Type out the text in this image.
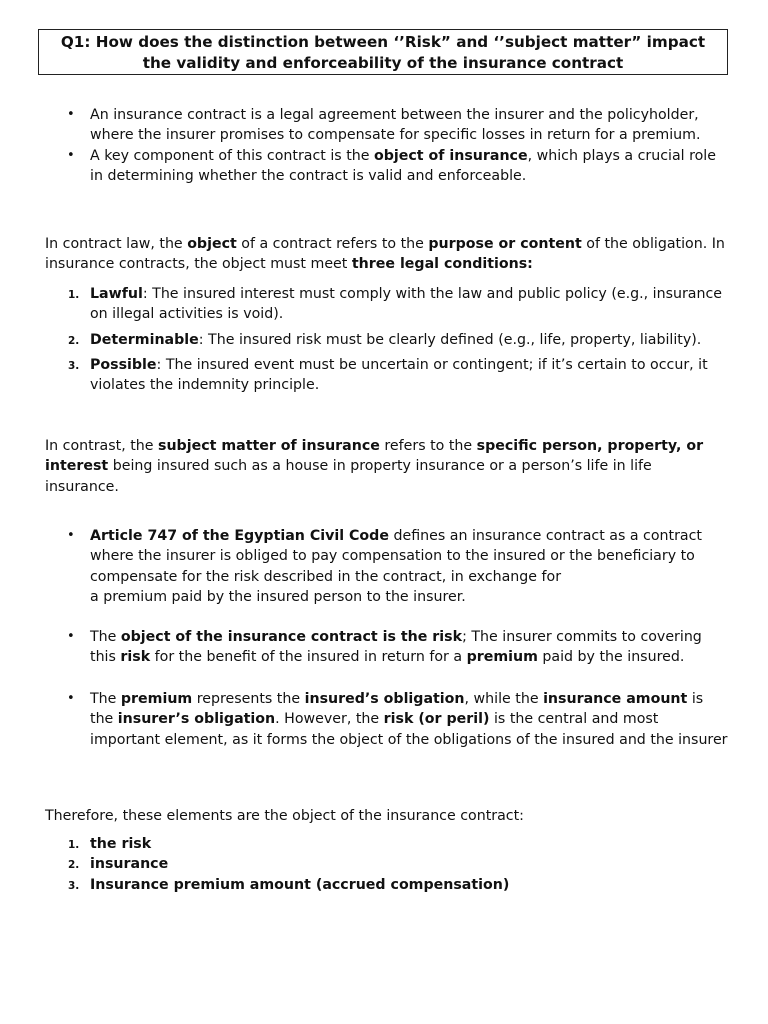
Q1: How does the distinction between ‘’Risk” and ‘’subject matter” impact
the validity and enforceability of the insurance contract
• An insurance contract is a legal agreement between the insurer and the policyholder, where the insurer promises to compensate for specific losses in return for a premium.
• A key component of this contract is the object of insurance, which plays a crucial role in determining whether the contract is valid and enforceable.

In contract law, the object of a contract refers to the purpose or content of the obligation. In insurance contracts, the object must meet three legal conditions:

1. Lawful: The insured interest must comply with the law and public policy (e.g., insurance on illegal activities is void).
2. Determinable: The insured risk must be clearly defined (e.g., life, property, liability).
3. Possible: The insured event must be uncertain or contingent; if it’s certain to occur, it violates the indemnity principle.

In contrast, the subject matter of insurance refers to the specific person, property, or interest being insured such as a house in property insurance or a person’s life in life insurance.

• Article 747 of the Egyptian Civil Code defines an insurance contract as a contract where the insurer is obliged to pay compensation to the insured or the beneficiary to compensate for the risk described in the contract, in exchange for
a premium paid by the insured person to the insurer.
• The object of the insurance contract is the risk; The insurer commits to covering this risk for the benefit of the insured in return for a premium paid by the insured.
• The premium represents the insured’s obligation, while the insurance amount is the insurer’s obligation. However, the risk (or peril) is the central and most important element, as it forms the object of the obligations of the insured and the insurer

Therefore, these elements are the object of the insurance contract:

1. the risk
2. insurance
3. Insurance premium amount (accrued compensation)
